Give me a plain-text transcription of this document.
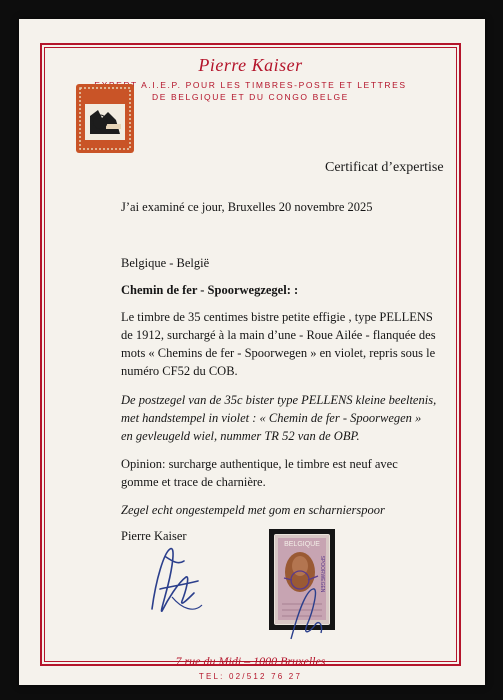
Pierre Kaiser
EXPERT A.I.E.P. POUR LES TIMBRES-POSTE ET LETTRES
DE BELGIQUE ET DU CONGO BELGE
Certificat d’expertise
J’ai examiné ce jour, Bruxelles 20 novembre 2025
Belgique - België
Chemin de fer - Spoorwegzegel: :
Le timbre de 35 centimes bistre petite effigie , type PELLENS
de 1912, surchargé à la main d’une - Roue Ailée - flanquée des
mots « Chemins de fer - Spoorwegen » en violet, repris sous le
numéro CF52 du COB.
De postzegel van de 35c bister type PELLENS kleine beeltenis,
met handstempel in violet : « Chemin de fer - Spoorwegen »
en gevleugeld wiel, nummer TR 52 van de OBP.
Opinion: surcharge authentique, le timbre est neuf avec
gomme et trace de charnière.
Zegel echt ongestempeld met gom en scharnierspoor
Pierre Kaiser
BELGIQUE
SPOORWEGEN
7 rue du Midi – 1000 Bruxelles
TEL: 02/512 76 27
